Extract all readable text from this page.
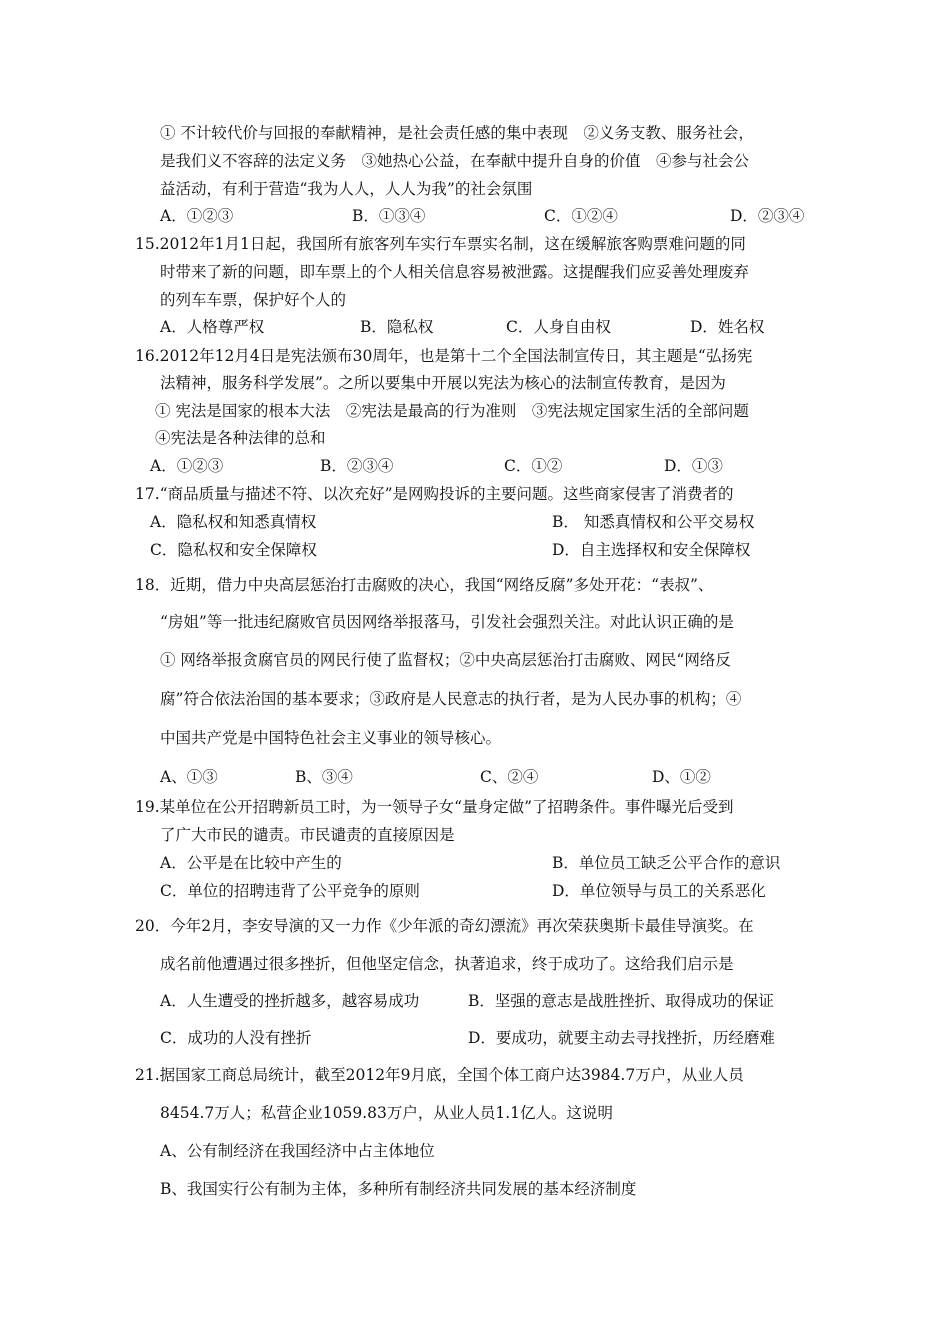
① 不计较代价与回报的奉献精神，是社会责任感的集中表现　②义务支教、服务社会，
是我们义不容辞的法定义务　③她热心公益，在奉献中提升自身的价值　④参与社会公
益活动，有利于营造“我为人人，人人为我”的社会氛围
A．①②③	B．①③④	C．①②④	D．②③④
15.2012年1月1日起，我国所有旅客列车实行车票实名制，这在缓解旅客购票难问题的同
时带来了新的问题，即车票上的个人相关信息容易被泄露。这提醒我们应妥善处理废弃
的列车车票，保护好个人的
A．人格尊严权	B．隐私权	C．人身自由权	D．姓名权
16.2012年12月4日是宪法颁布30周年，也是第十二个全国法制宣传日，其主题是“弘扬宪
法精神，服务科学发展”。之所以要集中开展以宪法为核心的法制宣传教育，是因为
① 宪法是国家的根本大法　②宪法是最高的行为准则　③宪法规定国家生活的全部问题
④宪法是各种法律的总和
A．①②③	B．②③④	C．①②	D．①③
17.“商品质量与描述不符、以次充好”是网购投诉的主要问题。这些商家侵害了消费者的
A．隐私权和知悉真情权	B． 知悉真情权和公平交易权
C．隐私权和安全保障权	D．自主选择权和安全保障权
18．近期，借力中央高层惩治打击腐败的决心，我国“网络反腐”多处开花：“表叔”、
“房姐”等一批违纪腐败官员因网络举报落马，引发社会强烈关注。对此认识正确的是
① 网络举报贪腐官员的网民行使了监督权；②中央高层惩治打击腐败、网民“网络反
腐”符合依法治国的基本要求；③政府是人民意志的执行者，是为人民办事的机构；④
中国共产党是中国特色社会主义事业的领导核心。
A、①③	B、③④	C、②④	D、①②
19.某单位在公开招聘新员工时，为一领导子女“量身定做”了招聘条件。事件曝光后受到
了广大市民的谴责。市民谴责的直接原因是
A．公平是在比较中产生的	B．单位员工缺乏公平合作的意识
C．单位的招聘违背了公平竞争的原则	D．单位领导与员工的关系恶化
20．今年2月，李安导演的又一力作《少年派的奇幻漂流》再次荣获奥斯卡最佳导演奖。在
成名前他遭遇过很多挫折，但他坚定信念，执著追求，终于成功了。这给我们启示是
A．人生遭受的挫折越多，越容易成功	B．坚强的意志是战胜挫折、取得成功的保证
C．成功的人没有挫折	D．要成功，就要主动去寻找挫折，历经磨难
21.据国家工商总局统计，截至2012年9月底，全国个体工商户达3984.7万户，从业人员
8454.7万人；私营企业1059.83万户，从业人员1.1亿人。这说明
A、公有制经济在我国经济中占主体地位
B、我国实行公有制为主体，多种所有制经济共同发展的基本经济制度
